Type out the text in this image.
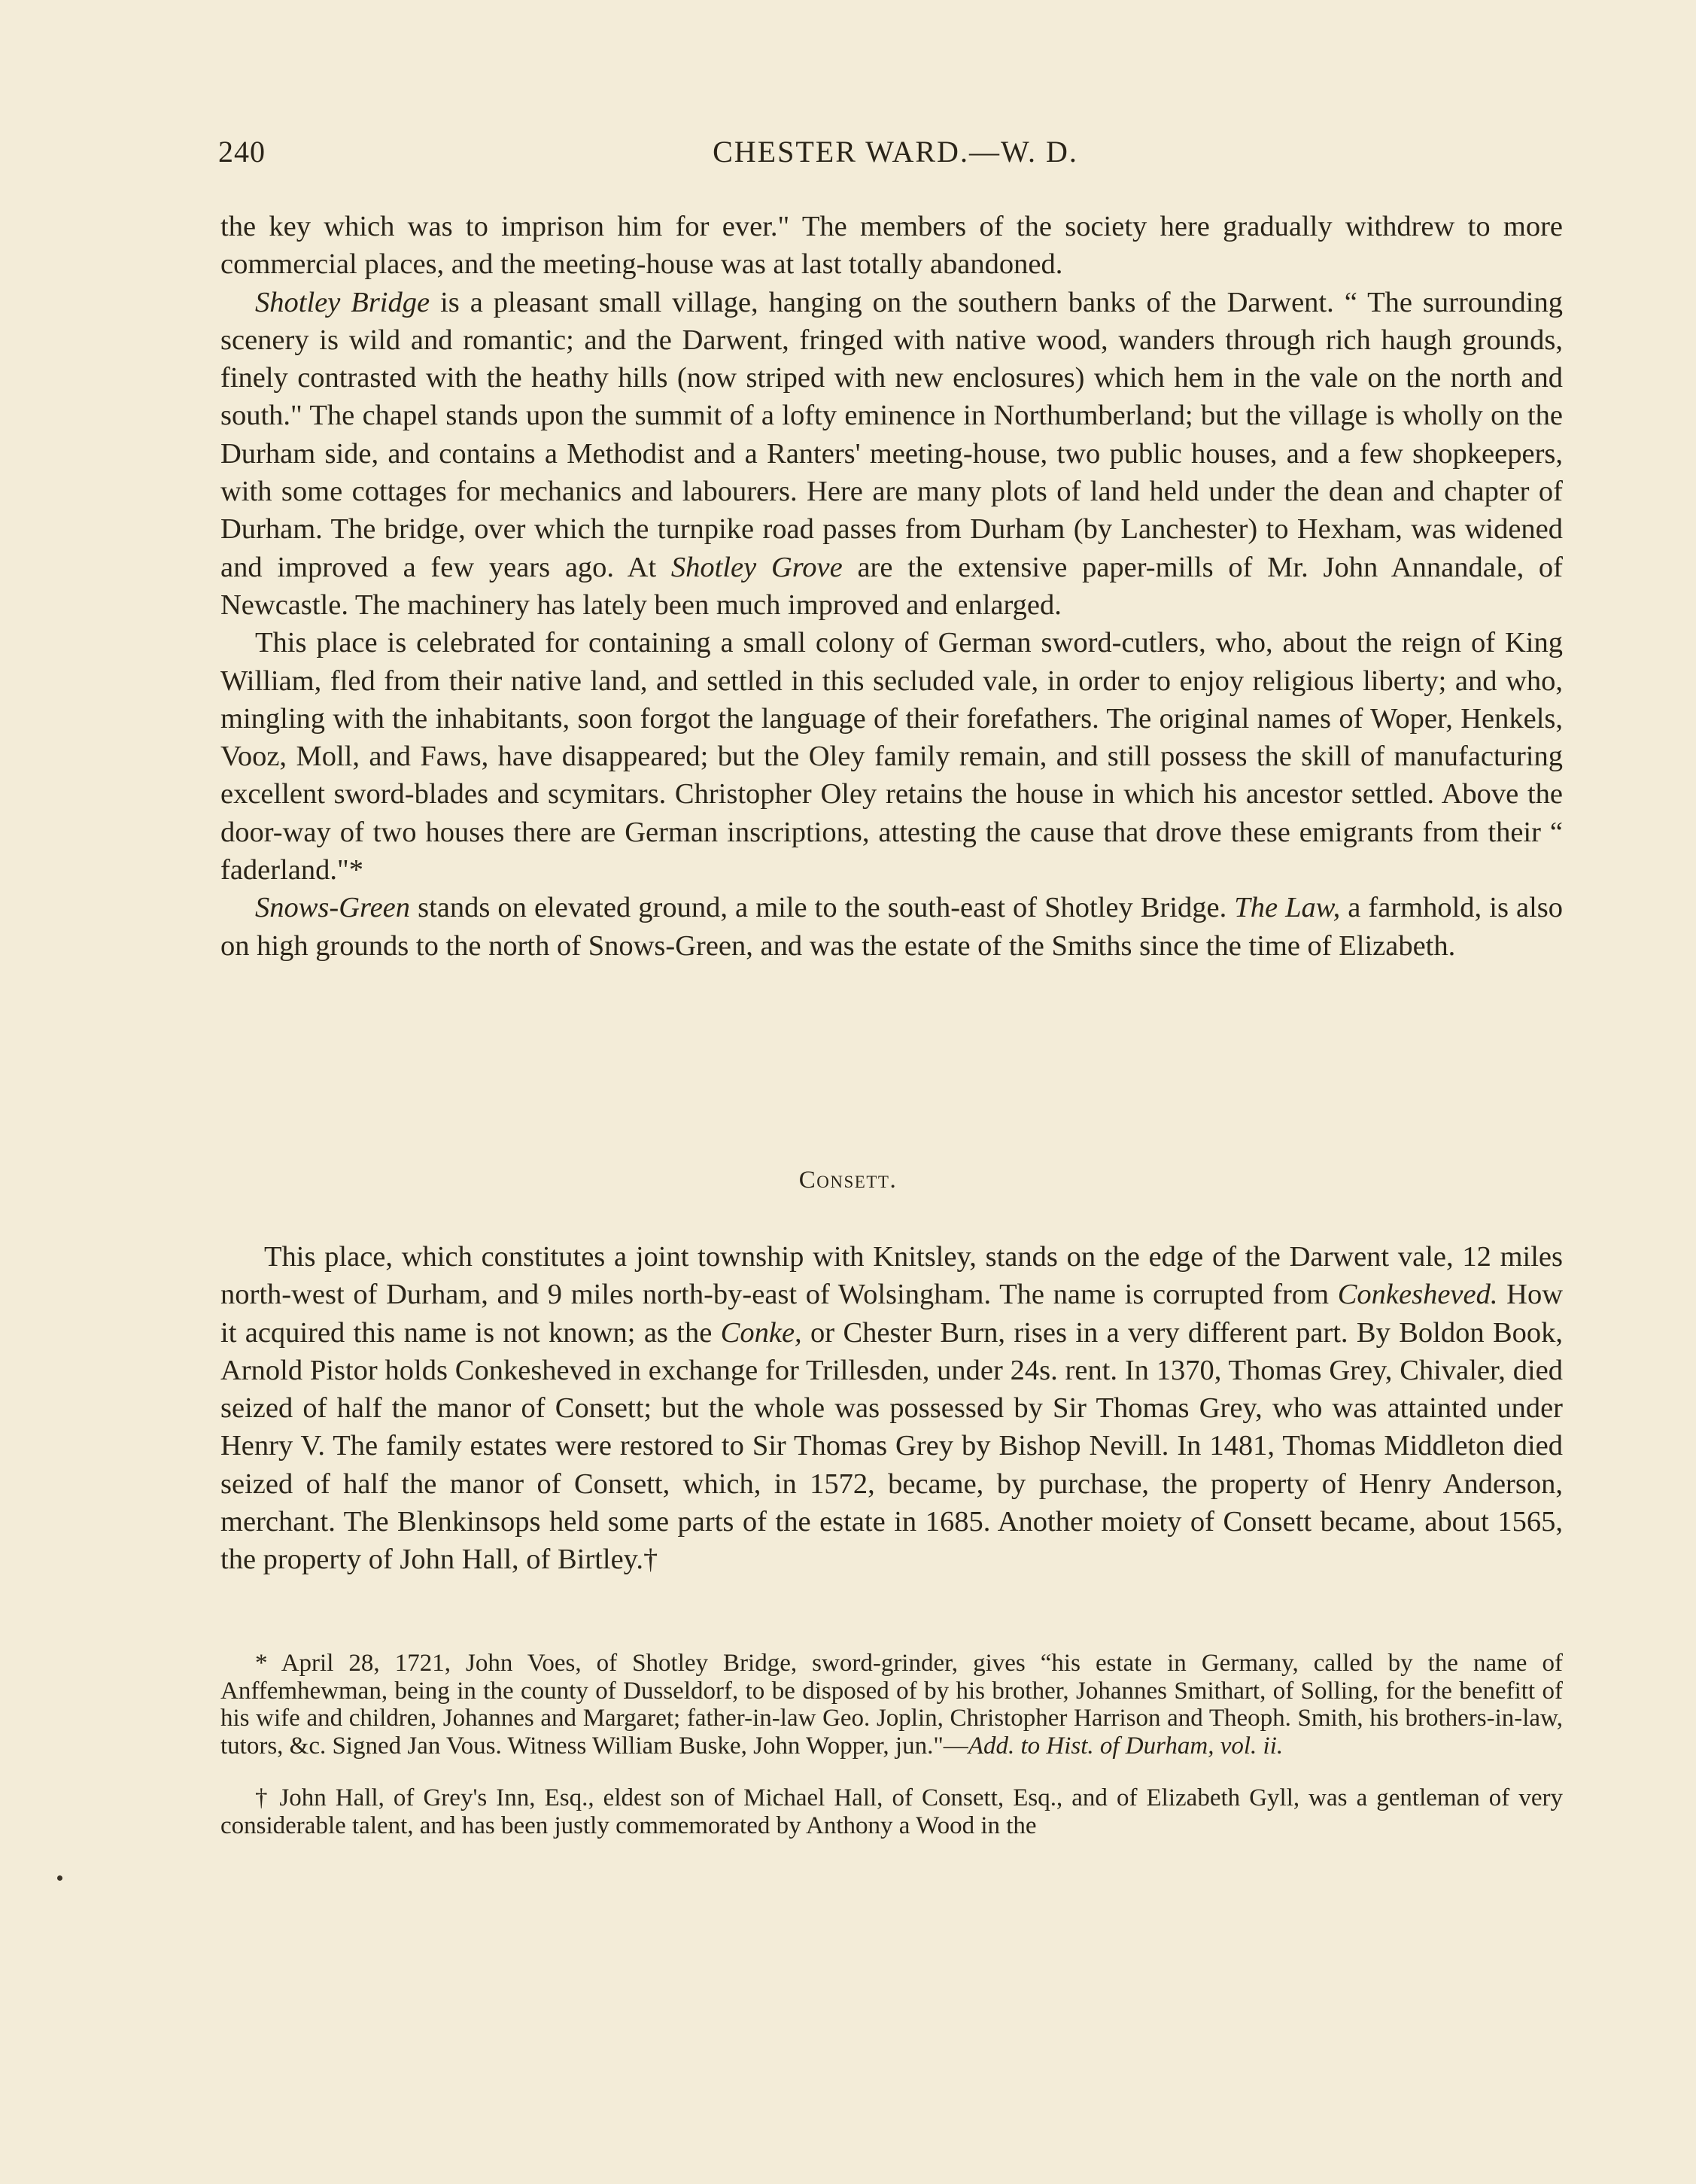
240	CHESTER WARD.—W. D.

the key which was to imprison him for ever." The members of the society here gradually withdrew to more commercial places, and the meeting-house was at last totally abandoned.

Shotley Bridge is a pleasant small village, hanging on the southern banks of the Darwent. “ The surrounding scenery is wild and romantic; and the Darwent, fringed with native wood, wanders through rich haugh grounds, finely contrasted with the heathy hills (now striped with new enclosures) which hem in the vale on the north and south." The chapel stands upon the summit of a lofty eminence in Northumberland; but the village is wholly on the Durham side, and contains a Methodist and a Ranters' meeting-house, two public houses, and a few shopkeepers, with some cottages for mechanics and labourers. Here are many plots of land held under the dean and chapter of Durham. The bridge, over which the turnpike road passes from Durham (by Lanchester) to Hexham, was widened and improved a few years ago. At Shotley Grove are the extensive paper-mills of Mr. John Annandale, of Newcastle. The machinery has lately been much improved and enlarged.

This place is celebrated for containing a small colony of German sword-cutlers, who, about the reign of King William, fled from their native land, and settled in this secluded vale, in order to enjoy religious liberty; and who, mingling with the inhabitants, soon forgot the language of their forefathers. The original names of Woper, Henkels, Vooz, Moll, and Faws, have disappeared; but the Oley family remain, and still possess the skill of manufacturing excellent sword-blades and scymitars. Christopher Oley retains the house in which his ancestor settled. Above the door-way of two houses there are German inscriptions, attesting the cause that drove these emigrants from their “ faderland."*

Snows-Green stands on elevated ground, a mile to the south-east of Shotley Bridge. The Law, a farmhold, is also on high grounds to the north of Snows-Green, and was the estate of the Smiths since the time of Elizabeth.

Consett.

This place, which constitutes a joint township with Knitsley, stands on the edge of the Darwent vale, 12 miles north-west of Durham, and 9 miles north-by-east of Wolsingham. The name is corrupted from Conkesheved. How it acquired this name is not known; as the Conke, or Chester Burn, rises in a very different part. By Boldon Book, Arnold Pistor holds Conkesheved in exchange for Trillesden, under 24s. rent. In 1370, Thomas Grey, Chivaler, died seized of half the manor of Consett; but the whole was possessed by Sir Thomas Grey, who was attainted under Henry V. The family estates were restored to Sir Thomas Grey by Bishop Nevill. In 1481, Thomas Middleton died seized of half the manor of Consett, which, in 1572, became, by purchase, the property of Henry Anderson, merchant. The Blenkinsops held some parts of the estate in 1685. Another moiety of Consett became, about 1565, the property of John Hall, of Birtley.†

* April 28, 1721, John Voes, of Shotley Bridge, sword-grinder, gives “his estate in Germany, called by the name of Anffemhewman, being in the county of Dusseldorf, to be disposed of by his brother, Johannes Smithart, of Solling, for the benefitt of his wife and children, Johannes and Margaret; father-in-law Geo. Joplin, Christopher Harrison and Theoph. Smith, his brothers-in-law, tutors, &c. Signed Jan Vous. Witness William Buske, John Wopper, jun."—Add. to Hist. of Durham, vol. ii.

† John Hall, of Grey's Inn, Esq., eldest son of Michael Hall, of Consett, Esq., and of Elizabeth Gyll, was a gentleman of very considerable talent, and has been justly commemorated by Anthony a Wood in the
